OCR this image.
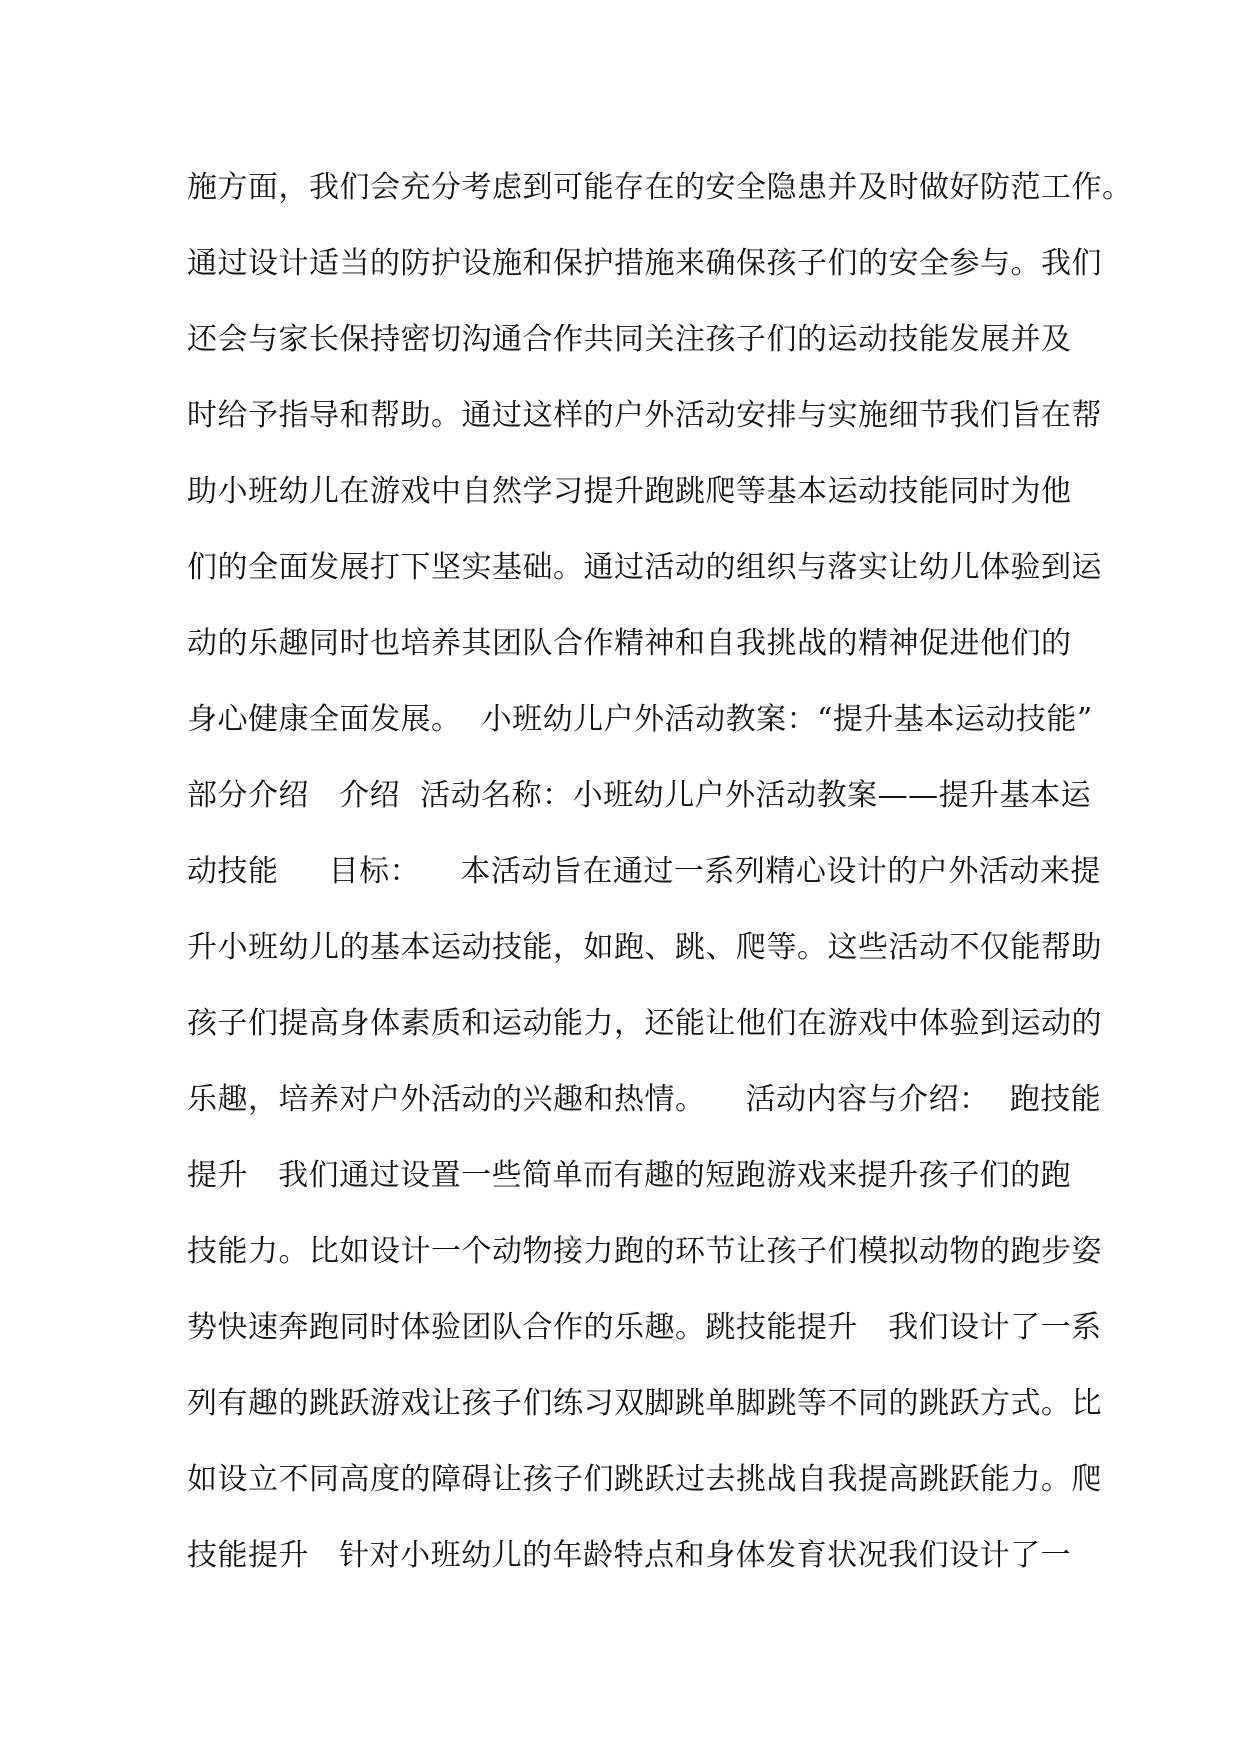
施方面，我们会充分考虑到可能存在的安全隐患并及时做好防范工作。
通过设计适当的防护设施和保护措施来确保孩子们的安全参与。我们
还会与家长保持密切沟通合作共同关注孩子们的运动技能发展并及
时给予指导和帮助。通过这样的户外活动安排与实施细节我们旨在帮
助小班幼儿在游戏中自然学习提升跑跳爬等基本运动技能同时为他
们的全面发展打下坚实基础。通过活动的组织与落实让幼儿体验到运
动的乐趣同时也培养其团队合作精神和自我挑战的精神促进他们的
身心健康全面发展。  小班幼儿户外活动教案：“提升基本运动技能”
部分介绍   介绍  活动名称：小班幼儿户外活动教案——提升基本运
动技能     目标：    本活动旨在通过一系列精心设计的户外活动来提
升小班幼儿的基本运动技能，如跑、跳、爬等。这些活动不仅能帮助
孩子们提高身体素质和运动能力，还能让他们在游戏中体验到运动的
乐趣，培养对户外活动的兴趣和热情。    活动内容与介绍：  跑技能
提升   我们通过设置一些简单而有趣的短跑游戏来提升孩子们的跑
技能力。比如设计一个动物接力跑的环节让孩子们模拟动物的跑步姿
势快速奔跑同时体验团队合作的乐趣。跳技能提升   我们设计了一系
列有趣的跳跃游戏让孩子们练习双脚跳单脚跳等不同的跳跃方式。比
如设立不同高度的障碍让孩子们跳跃过去挑战自我提高跳跃能力。爬
技能提升   针对小班幼儿的年龄特点和身体发育状况我们设计了一
